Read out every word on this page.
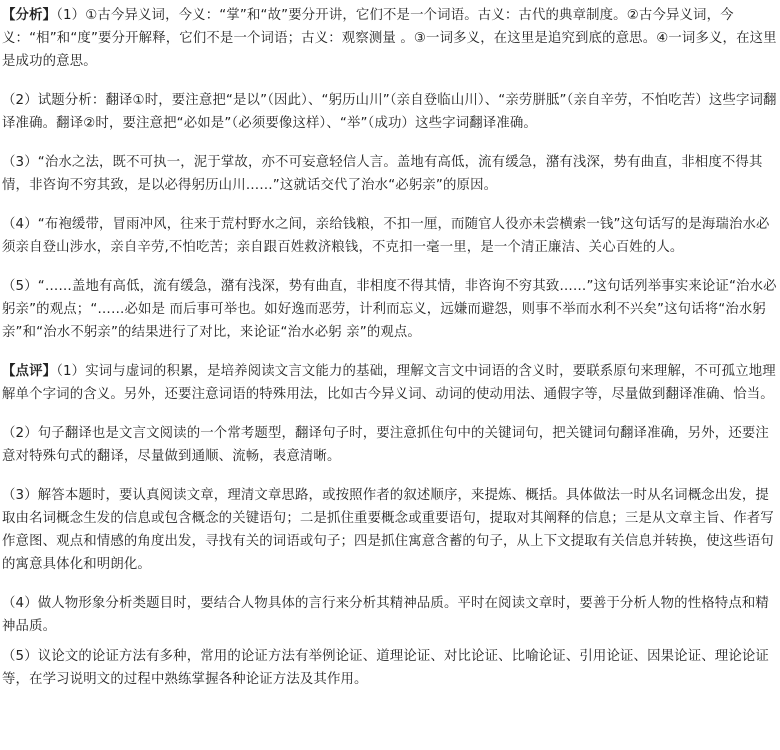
【分析】（1）①古今异义词，今义：“掌”和“故”要分开讲，它们不是一个词语。古义：古代的典章制度。②古今异义词，今义：“相”和“度”要分开解释，它们不是一个词语；古义：观察测量 。③一词多义，在这里是追究到底的意思。④一词多义，在这里是成功的意思。

（2）试题分析：翻译①时，要注意把“是以”（因此）、“躬历山川”（亲自登临山川）、“亲劳胼胝”（亲自辛劳，不怕吃苦）这些字词翻译准确。翻译②时，要注意把“必如是”（必须要像这样）、“举”（成功）这些字词翻译准确。

（3）“治水之法，既不可执一，泥于掌故，亦不可妄意轻信人言。盖地有高低，流有缓急，潴有浅深，势有曲直，非相度不得其情，非咨询不穷其致，是以必得躬历山川……”这就话交代了治水“必躬亲”的原因。

（4）“布袍缓带，冒雨冲风，往来于荒村野水之间，亲给钱粮，不扣一厘，而随官人役亦未尝横索一钱”这句话写的是海瑞治水必须亲自登山涉水，亲自辛劳,不怕吃苦；亲自跟百姓救济粮钱，不克扣一毫一里，是一个清正廉洁、关心百姓的人。

（5）“……盖地有高低，流有缓急，潴有浅深，势有曲直，非相度不得其情，非咨询不穷其致……”这句话列举事实来论证“治水必躬亲”的观点；“……必如是 而后事可举也。如好逸而恶劳，计利而忘义，远嫌而避怨，则事不举而水利不兴矣”这句话将“治水躬亲”和“治水不躬亲”的结果进行了对比，来论证“治水必躬 亲”的观点。

【点评】（1）实词与虚词的积累，是培养阅读文言文能力的基础，理解文言文中词语的含义时，要联系原句来理解，不可孤立地理解单个字词的含义。另外，还要注意词语的特殊用法，比如古今异义词、动词的使动用法、通假字等，尽量做到翻译准确、恰当。

（2）句子翻译也是文言文阅读的一个常考题型，翻译句子时，要注意抓住句中的关键词句，把关键词句翻译准确，另外，还要注意对特殊句式的翻译，尽量做到通顺、流畅，表意清晰。

（3）解答本题时，要认真阅读文章，理清文章思路，或按照作者的叙述顺序，来提炼、概括。具体做法一时从名词概念出发，提取由名词概念生发的信息或包含概念的关键语句；二是抓住重要概念或重要语句，提取对其阐释的信息；三是从文章主旨、作者写作意图、观点和情感的角度出发，寻找有关的词语或句子；四是抓住寓意含蓄的句子，从上下文提取有关信息并转换，使这些语句的寓意具体化和明朗化。

（4）做人物形象分析类题目时，要结合人物具体的言行来分析其精神品质。平时在阅读文章时，要善于分析人物的性格特点和精神品质。

（5）议论文的论证方法有多种，常用的论证方法有举例论证、道理论证、对比论证、比喻论证、引用论证、因果论证、理论论证等，在学习说明文的过程中熟练掌握各种论证方法及其作用。
